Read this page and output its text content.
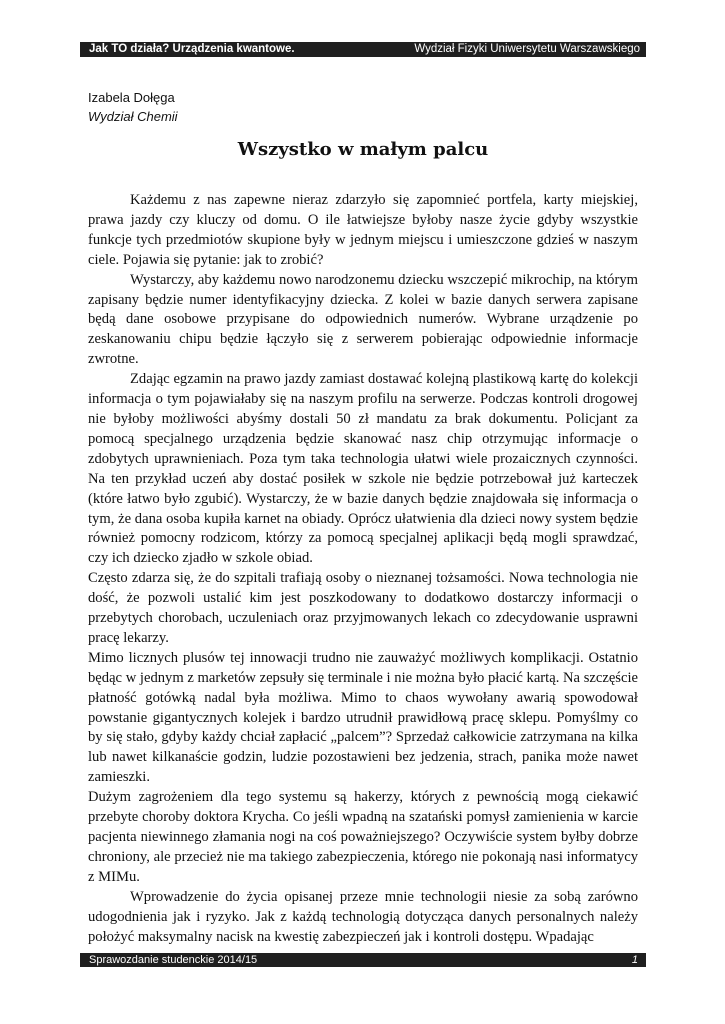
Jak TO działa? Urządzenia kwantowe.	Wydział Fizyki Uniwersytetu Warszawskiego
Izabela Dołęga
Wydział Chemii
Wszystko w małym palcu

Każdemu z nas zapewne nieraz zdarzyło się zapomnieć portfela, karty miejskiej, prawa jazdy czy kluczy od domu. O ile łatwiejsze byłoby nasze życie gdyby wszystkie funkcje tych przedmiotów skupione były w jednym miejscu i umieszczone gdzieś w naszym ciele. Pojawia się pytanie: jak to zrobić?

Wystarczy, aby każdemu nowo narodzonemu dziecku wszczepić mikrochip, na którym zapisany będzie numer identyfikacyjny dziecka. Z kolei w bazie danych serwera zapisane będą dane osobowe przypisane do odpowiednich numerów. Wybrane urządzenie po zeskanowaniu chipu będzie łączyło się z serwerem pobierając odpowiednie informacje zwrotne.

Zdając egzamin na prawo jazdy zamiast dostawać kolejną plastikową kartę do kolekcji informacja o tym pojawiałaby się na naszym profilu na serwerze. Podczas kontroli drogowej nie byłoby możliwości abyśmy dostali 50 zł mandatu za brak dokumentu. Policjant za pomocą specjalnego urządzenia będzie skanować nasz chip otrzymując informacje o zdobytych uprawnieniach. Poza tym taka technologia ułatwi wiele prozaicznych czynności. Na ten przykład uczeń aby dostać posiłek w szkole nie będzie potrzebował już karteczek (które łatwo było zgubić). Wystarczy, że w bazie danych będzie znajdowała się informacja o tym, że dana osoba kupiła karnet na obiady. Oprócz ułatwienia dla dzieci nowy system będzie również pomocny rodzicom, którzy za pomocą specjalnej aplikacji będą mogli sprawdzać, czy ich dziecko zjadło w szkole obiad.

Często zdarza się, że do szpitali trafiają osoby o nieznanej tożsamości. Nowa technologia nie dość, że pozwoli ustalić kim jest poszkodowany to dodatkowo dostarczy informacji o przebytych chorobach, uczuleniach oraz przyjmowanych lekach co zdecydowanie usprawni pracę lekarzy.

Mimo licznych plusów tej innowacji trudno nie zauważyć możliwych komplikacji. Ostatnio będąc w jednym z marketów zepsuły się terminale i nie można było płacić kartą. Na szczęście płatność gotówką nadal była możliwa. Mimo to chaos wywołany awarią spowodował powstanie gigantycznych kolejek i bardzo utrudnił prawidłową pracę sklepu. Pomyślmy co by się stało, gdyby każdy chciał zapłacić „palcem”? Sprzedaż całkowicie zatrzymana na kilka lub nawet kilkanaście godzin, ludzie pozostawieni bez jedzenia, strach, panika może nawet zamieszki.

Dużym zagrożeniem dla tego systemu są hakerzy, których z pewnością mogą ciekawić przebyte choroby doktora Krycha. Co jeśli wpadną na szatański pomysł zamienienia w karcie pacjenta niewinnego złamania nogi na coś poważniejszego? Oczywiście system byłby dobrze chroniony, ale przecież nie ma takiego zabezpieczenia, którego nie pokonają nasi informatycy z MIMu.

Wprowadzenie do życia opisanej przeze mnie technologii niesie za sobą zarówno udogodnienia jak i ryzyko. Jak z każdą technologią dotycząca danych personalnych należy położyć maksymalny nacisk na kwestię zabezpieczeń jak i kontroli dostępu. Wpadając

Sprawozdanie studenckie 2014/15	1
